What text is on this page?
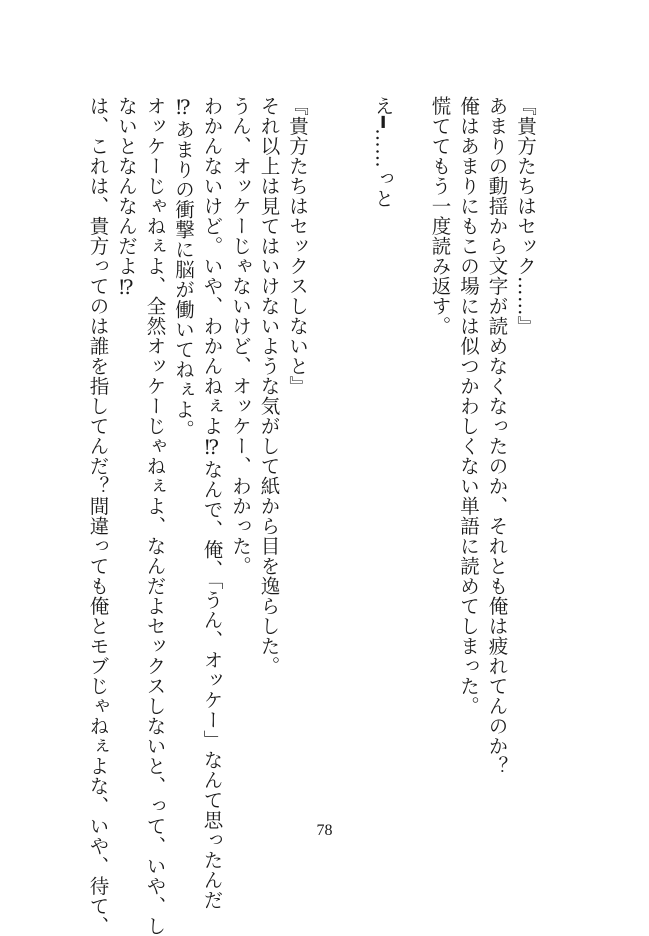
『貴方たちはセック……』
あまりの動揺から文字が読めなくなったのか、それとも俺は疲れてんのか？
俺はあまりにもこの場には似つかわしくない単語に読めてしまった。
慌ててもう一度読み返す。
え━……っと
『貴方たちはセックスしないと』
それ以上は見てはいけないような気がして紙から目を逸らした。
うん、オッケーじゃないけど、オッケー、わかった。
わかんないけど。いや、わかんねぇよ⁉なんで、俺、「うん、オッケー」なんて思ったんだ
⁉あまりの衝撃に脳が働いてねぇよ。
オッケーじゃねぇよ、全然オッケーじゃねぇよ、なんだよセックスしないと、って、いや、し
ないとなんなんだよ⁉
は、これは、貴方ってのは誰を指してんだ？間違っても俺とモブじゃねぇよな、いや、待て、	78
